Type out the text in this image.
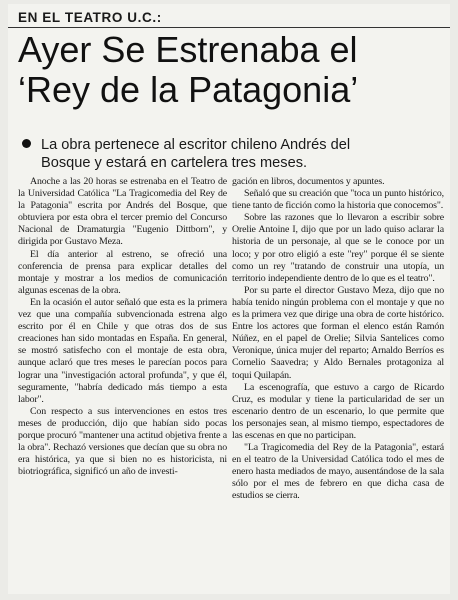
EN EL TEATRO U.C.:
Ayer Se Estrenaba el
‘Rey de la Patagonia’
La obra pertenece al escritor chileno Andrés del
Bosque y estará en cartelera tres meses.

Anoche a las 20 horas se estrenaba en el Teatro de la Universidad Católica "La Tragicomedia del Rey de la Patagonia" escrita por Andrés del Bosque, que obtuviera por esta obra el tercer premio del Concurso Nacional de Dramaturgia "Eugenio Dittborn", y dirigida por Gustavo Meza.

El día anterior al estreno, se ofreció una conferencia de prensa para explicar detalles del montaje y mostrar a los medios de comunicación algunas escenas de la obra.

En la ocasión el autor señaló que esta es la primera vez que una compañía subvencionada estrena algo escrito por él en Chile y que otras dos de sus creaciones han sido montadas en España. En general, se mostró satisfecho con el montaje de esta obra, aunque aclaró que tres meses le parecían pocos para lograr una "investigación actoral profunda", y que él, seguramente, "habría dedicado más tiempo a esta labor".

Con respecto a sus intervenciones en estos tres meses de producción, dijo que habían sido pocas porque procuró "mantener una actitud objetiva frente a la obra". Rechazó versiones que decían que su obra no era histórica, ya que si bien no es historicista, ni biotriográfica, significó un año de investi-

gación en libros, documentos y apuntes.

Señaló que su creación que "toca un punto histórico, tiene tanto de ficción como la historia que conocemos".

Sobre las razones que lo llevaron a escribir sobre Orelie Antoine I, dijo que por un lado quiso aclarar la historia de un personaje, al que se le conoce por un loco; y por otro eligió a este "rey" porque él se siente como un rey "tratando de construir una utopía, un territorio independiente dentro de lo que es el teatro".

Por su parte el director Gustavo Meza, dijo que no había tenido ningún problema con el montaje y que no es la primera vez que dirige una obra de corte histórico. Entre los actores que forman el elenco están Ramón Núñez, en el papel de Orelie; Silvia Santelices como Veronique, única mujer del reparto; Arnaldo Berríos es Cornelio Saavedra; y Aldo Bernales protagoniza al toqui Quilapán.

La escenografía, que estuvo a cargo de Ricardo Cruz, es modular y tiene la particularidad de ser un escenario dentro de un escenario, lo que permite que los personajes sean, al mismo tiempo, espectadores de las escenas en que no participan.

"La Tragicomedia del Rey de la Patagonia", estará en el teatro de la Universidad Católica todo el mes de enero hasta mediados de mayo, ausentándose de la sala sólo por el mes de febrero en que dicha casa de estudios se cierra.
